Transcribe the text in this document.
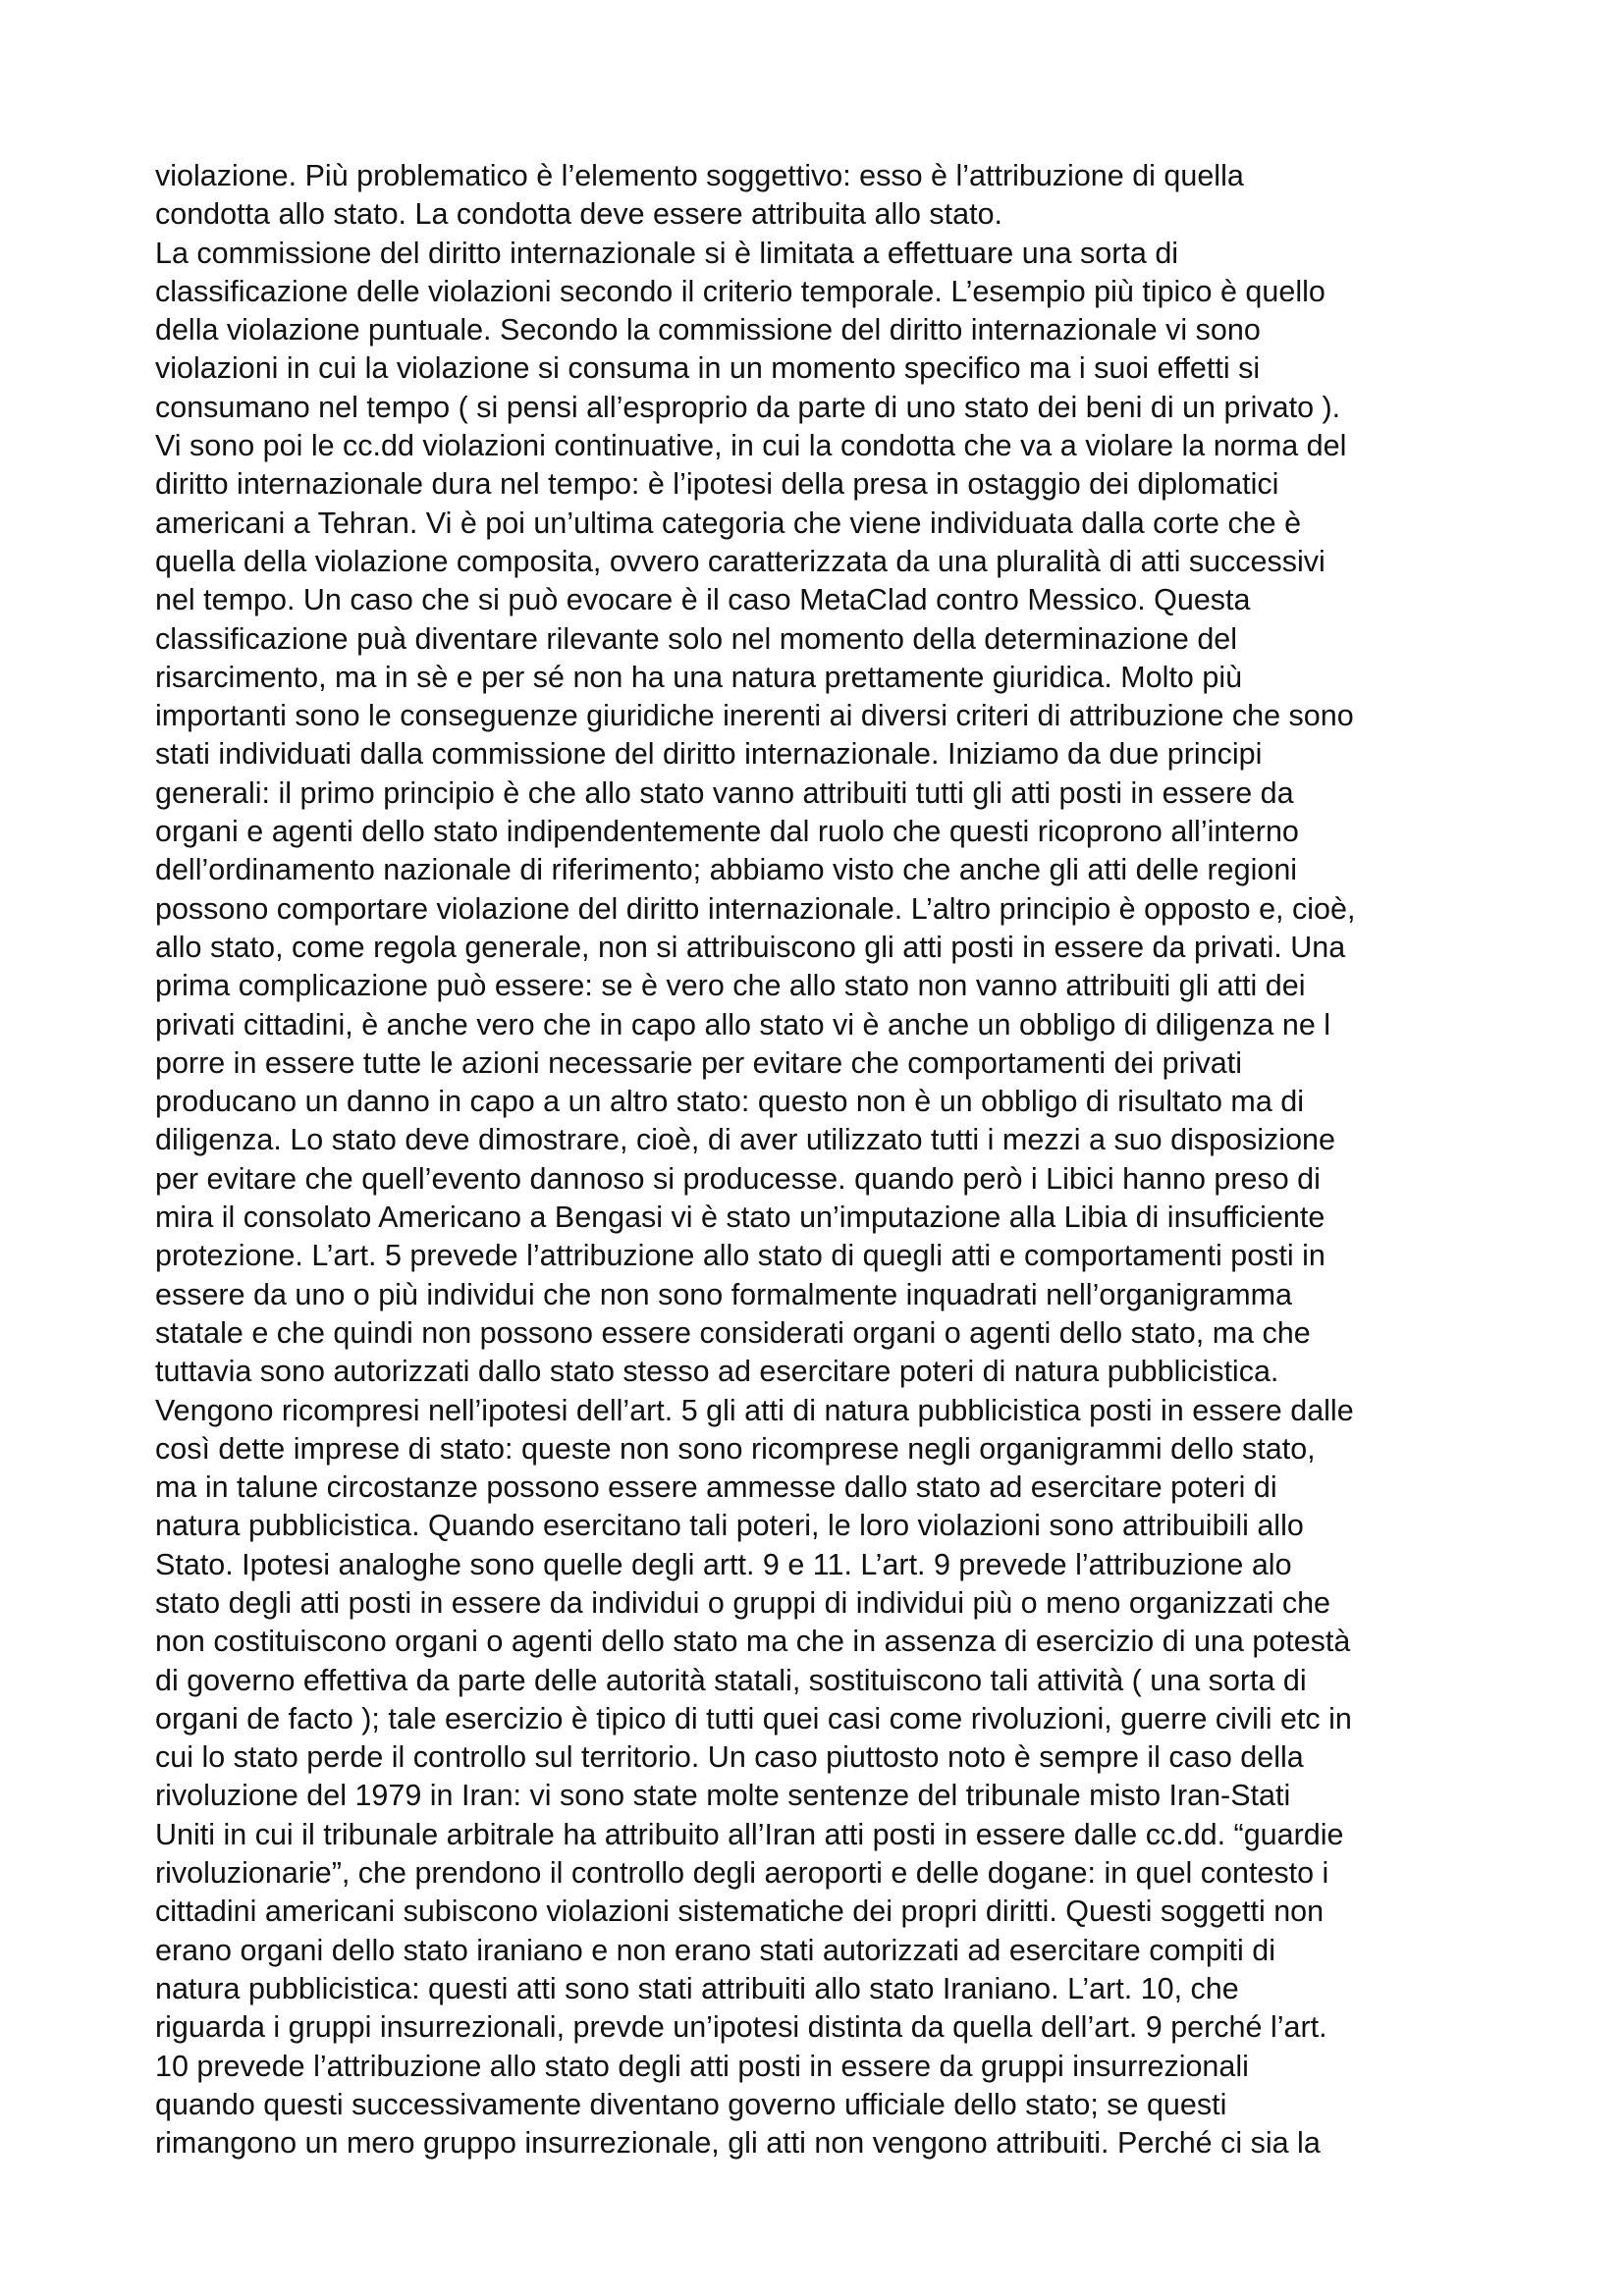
violazione. Più problematico è l’elemento soggettivo: esso è l’attribuzione di quella
condotta allo stato. La condotta deve essere attribuita allo stato.
La commissione del diritto internazionale si è limitata a effettuare una sorta di
classificazione delle violazioni secondo il criterio temporale. L’esempio più tipico è quello
della violazione puntuale. Secondo la commissione del diritto internazionale vi sono
violazioni in cui la violazione si consuma in un momento specifico ma i suoi effetti si
consumano nel tempo ( si pensi all’esproprio da parte di uno stato dei beni di un privato ).
Vi sono poi le cc.dd violazioni continuative, in cui la condotta che va a violare la norma del
diritto internazionale dura nel tempo: è l’ipotesi della presa in ostaggio dei diplomatici
americani a Tehran. Vi è poi un’ultima categoria che viene individuata dalla corte che è
quella della violazione composita, ovvero caratterizzata da una pluralità di atti successivi
nel tempo. Un caso che si può evocare è il caso MetaClad contro Messico. Questa
classificazione puà diventare rilevante solo nel momento della determinazione del
risarcimento, ma in sè e per sé non ha una natura prettamente giuridica. Molto più
importanti sono le conseguenze giuridiche inerenti ai diversi criteri di attribuzione che sono
stati individuati dalla commissione del diritto internazionale. Iniziamo da due principi
generali: il primo principio è che allo stato vanno attribuiti tutti gli atti posti in essere da
organi e agenti dello stato indipendentemente dal ruolo che questi ricoprono all’interno
dell’ordinamento nazionale di riferimento; abbiamo visto che anche gli atti delle regioni
possono comportare violazione del diritto internazionale. L’altro principio è opposto e, cioè,
allo stato, come regola generale, non si attribuiscono gli atti posti in essere da privati. Una
prima complicazione può essere: se è vero che allo stato non vanno attribuiti gli atti dei
privati cittadini, è anche vero che in capo allo stato vi è anche un obbligo di diligenza ne l
porre in essere tutte le azioni necessarie per evitare che comportamenti dei privati
producano un danno in capo a un altro stato: questo non è un obbligo di risultato ma di
diligenza. Lo stato deve dimostrare, cioè, di aver utilizzato tutti i mezzi a suo disposizione
per evitare che quell’evento dannoso si producesse. quando però i Libici hanno preso di
mira il consolato Americano a Bengasi vi è stato un’imputazione alla Libia di insufficiente
protezione. L’art. 5 prevede l’attribuzione allo stato di quegli atti e comportamenti posti in
essere da uno o più individui che non sono formalmente inquadrati nell’organigramma
statale e che quindi non possono essere considerati organi o agenti dello stato, ma che
tuttavia sono autorizzati dallo stato stesso ad esercitare poteri di natura pubblicistica.
Vengono ricompresi nell’ipotesi dell’art. 5 gli atti di natura pubblicistica posti in essere dalle
così dette imprese di stato: queste non sono ricomprese negli organigrammi dello stato,
ma in talune circostanze possono essere ammesse dallo stato ad esercitare poteri di
natura pubblicistica. Quando esercitano tali poteri, le loro violazioni sono attribuibili allo
Stato. Ipotesi analoghe sono quelle degli artt. 9 e 11. L’art. 9 prevede l’attribuzione alo
stato degli atti posti in essere da individui o gruppi di individui più o meno organizzati che
non costituiscono organi o agenti dello stato ma che in assenza di esercizio di una potestà
di governo effettiva da parte delle autorità statali, sostituiscono tali attività ( una sorta di
organi de facto ); tale esercizio è tipico di tutti quei casi come rivoluzioni, guerre civili etc in
cui lo stato perde il controllo sul territorio. Un caso piuttosto noto è sempre il caso della
rivoluzione del 1979 in Iran: vi sono state molte sentenze del tribunale misto Iran-Stati
Uniti in cui il tribunale arbitrale ha attribuito all’Iran atti posti in essere dalle cc.dd. “guardie
rivoluzionarie”, che prendono il controllo degli aeroporti e delle dogane: in quel contesto i
cittadini americani subiscono violazioni sistematiche dei propri diritti. Questi soggetti non
erano organi dello stato iraniano e non erano stati autorizzati ad esercitare compiti di
natura pubblicistica: questi atti sono stati attribuiti allo stato Iraniano. L’art. 10, che
riguarda i gruppi insurrezionali, prevde un’ipotesi distinta da quella dell’art. 9 perché l’art.
10 prevede l’attribuzione allo stato degli atti posti in essere da gruppi insurrezionali
quando questi successivamente diventano governo ufficiale dello stato; se questi
rimangono un mero gruppo insurrezionale, gli atti non vengono attribuiti. Perché ci sia la
